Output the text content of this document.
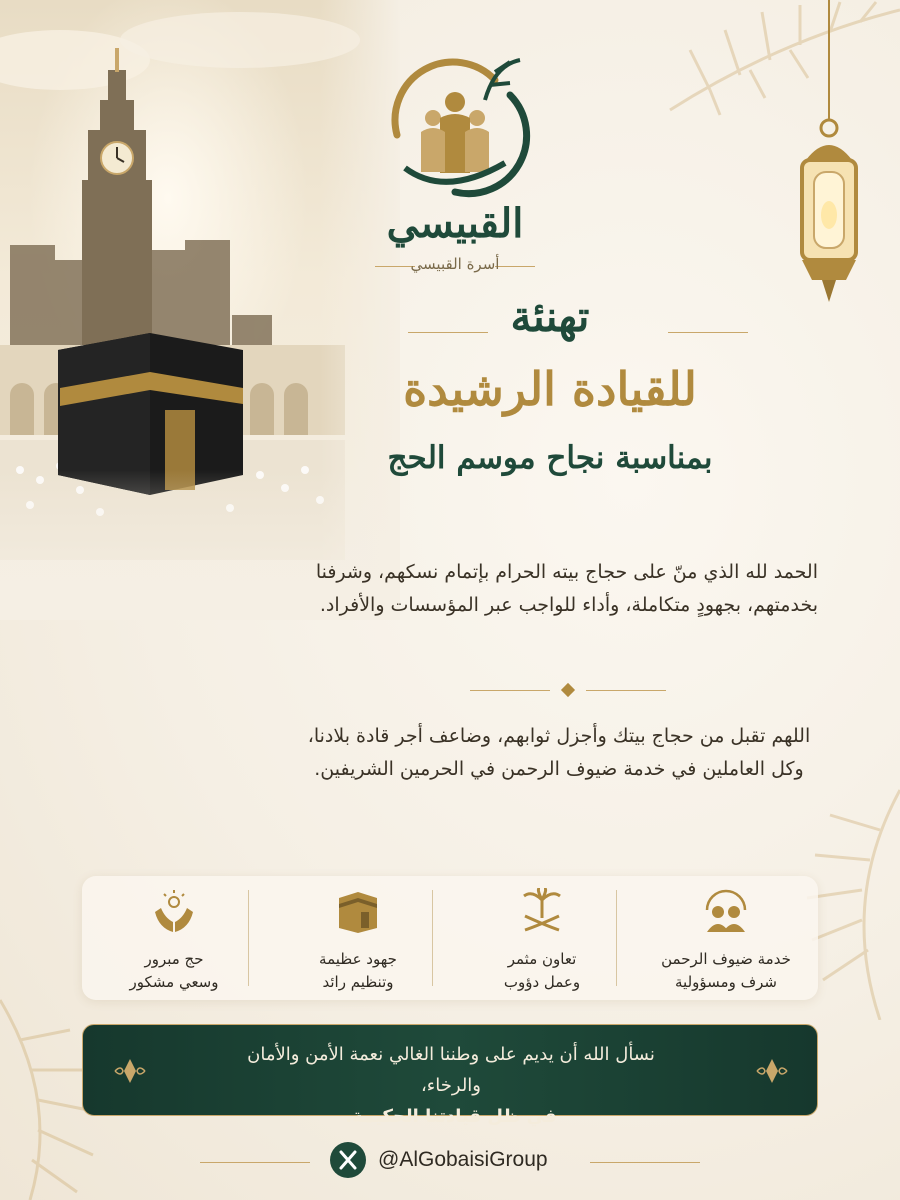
القبيسي
أسرة القبيسي
تهنئة
للقيادة الرشيدة
بمناسبة نجاح موسم الحج
الحمد لله الذي منّ على حجاج بيته الحرام بإتمام نسكهم، وشرفنا بخدمتهم، بجهودٍ متكاملة، وأداء للواجب عبر المؤسسات والأفراد.
اللهم تقبل من حجاج بيتك وأجزل ثوابهم، وضاعف أجر قادة بلادنا، وكل العاملين في خدمة ضيوف الرحمن في الحرمين الشريفين.
حج مبرور
وسعي مشكور
جهود عظيمة
وتنظيم رائد
تعاون مثمر
وعمل دؤوب
خدمة ضيوف الرحمن
شرف ومسؤولية
نسأل الله أن يديم على وطننا الغالي نعمة الأمن والأمان والرخاء،
في ظل قيادتنا الحكيمة.
@AlGobaisiGroup
